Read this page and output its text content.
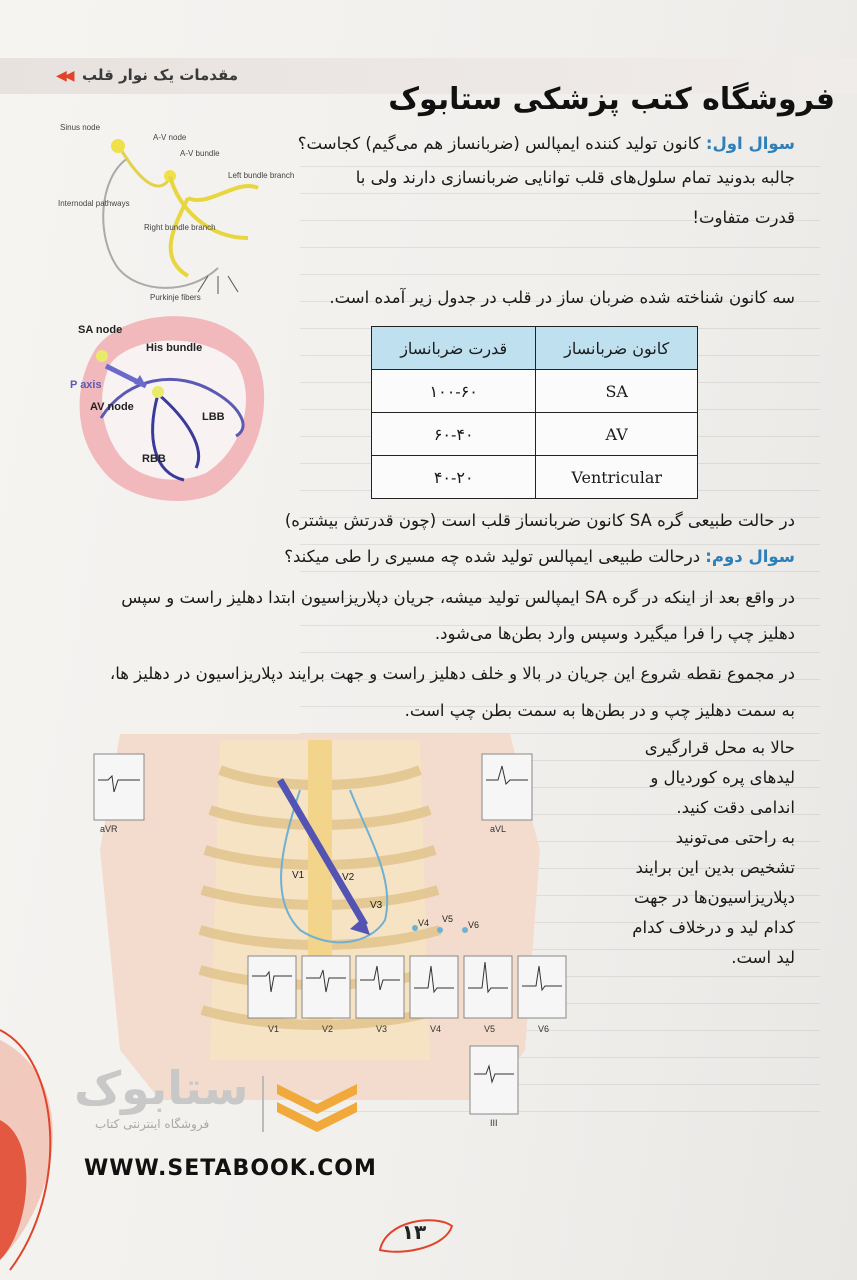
◀◀ مقدمات یک نوار قلب
فروشگاه کتب پزشکی ستابوک
Sinus node
A-V node
A-V bundle
Left bundle branch
Internodal pathways
Right bundle branch
Purkinje fibers
SA node
His bundle
P axis
AV node
LBB
RBB
سوال اول: کانون تولید کننده ایمپالس (ضربانساز هم می‌گیم) کجاست؟
جالبه بدونید تمام سلول‌های قلب توانایی ضربانسازی دارند ولی با
قدرت متفاوت!
سه کانون شناخته شده ضربان ساز در قلب در جدول زیر آمده است.
کانون ضربانساز	قدرت ضربانساز
SA	۱۰۰-۶۰
AV	۶۰-۴۰
Ventricular	۴۰-۲۰
در حالت طبیعی گره SA کانون ضربانساز قلب است (چون قدرتش بیشتره)
سوال دوم: درحالت طبیعی ایمپالس تولید شده چه مسیری را طی میکند؟
در واقع بعد از اینکه در گره SA ایمپالس تولید میشه، جریان دپلاریزاسیون ابتدا دهلیز راست و سپس
دهلیز چپ را فرا میگیرد وسپس وارد بطن‌ها می‌شود.
در مجموع نقطه شروع این جریان در بالا و خلف دهلیز راست و جهت برایند دپلاریزاسیون در دهلیز ها،
به سمت دهلیز چپ و در بطن‌ها به سمت بطن چپ است.
aVR	aVL
V1	V2	V3	V4	V5	V6
III
V1	V2
V3
V4 V5
V6
حالا به محل قرارگیری
لیدهای پره کوردیال و
اندامی دقت کنید.
به راحتی می‌تونید
تشخیص بدین این برایند
دپلاریزاسیون‌ها در جهت
کدام لید و درخلاف کدام
لید است.
ستابوک
فروشگاه اینترنتی کتاب
WWW.SETABOOK.COM
۱۳
